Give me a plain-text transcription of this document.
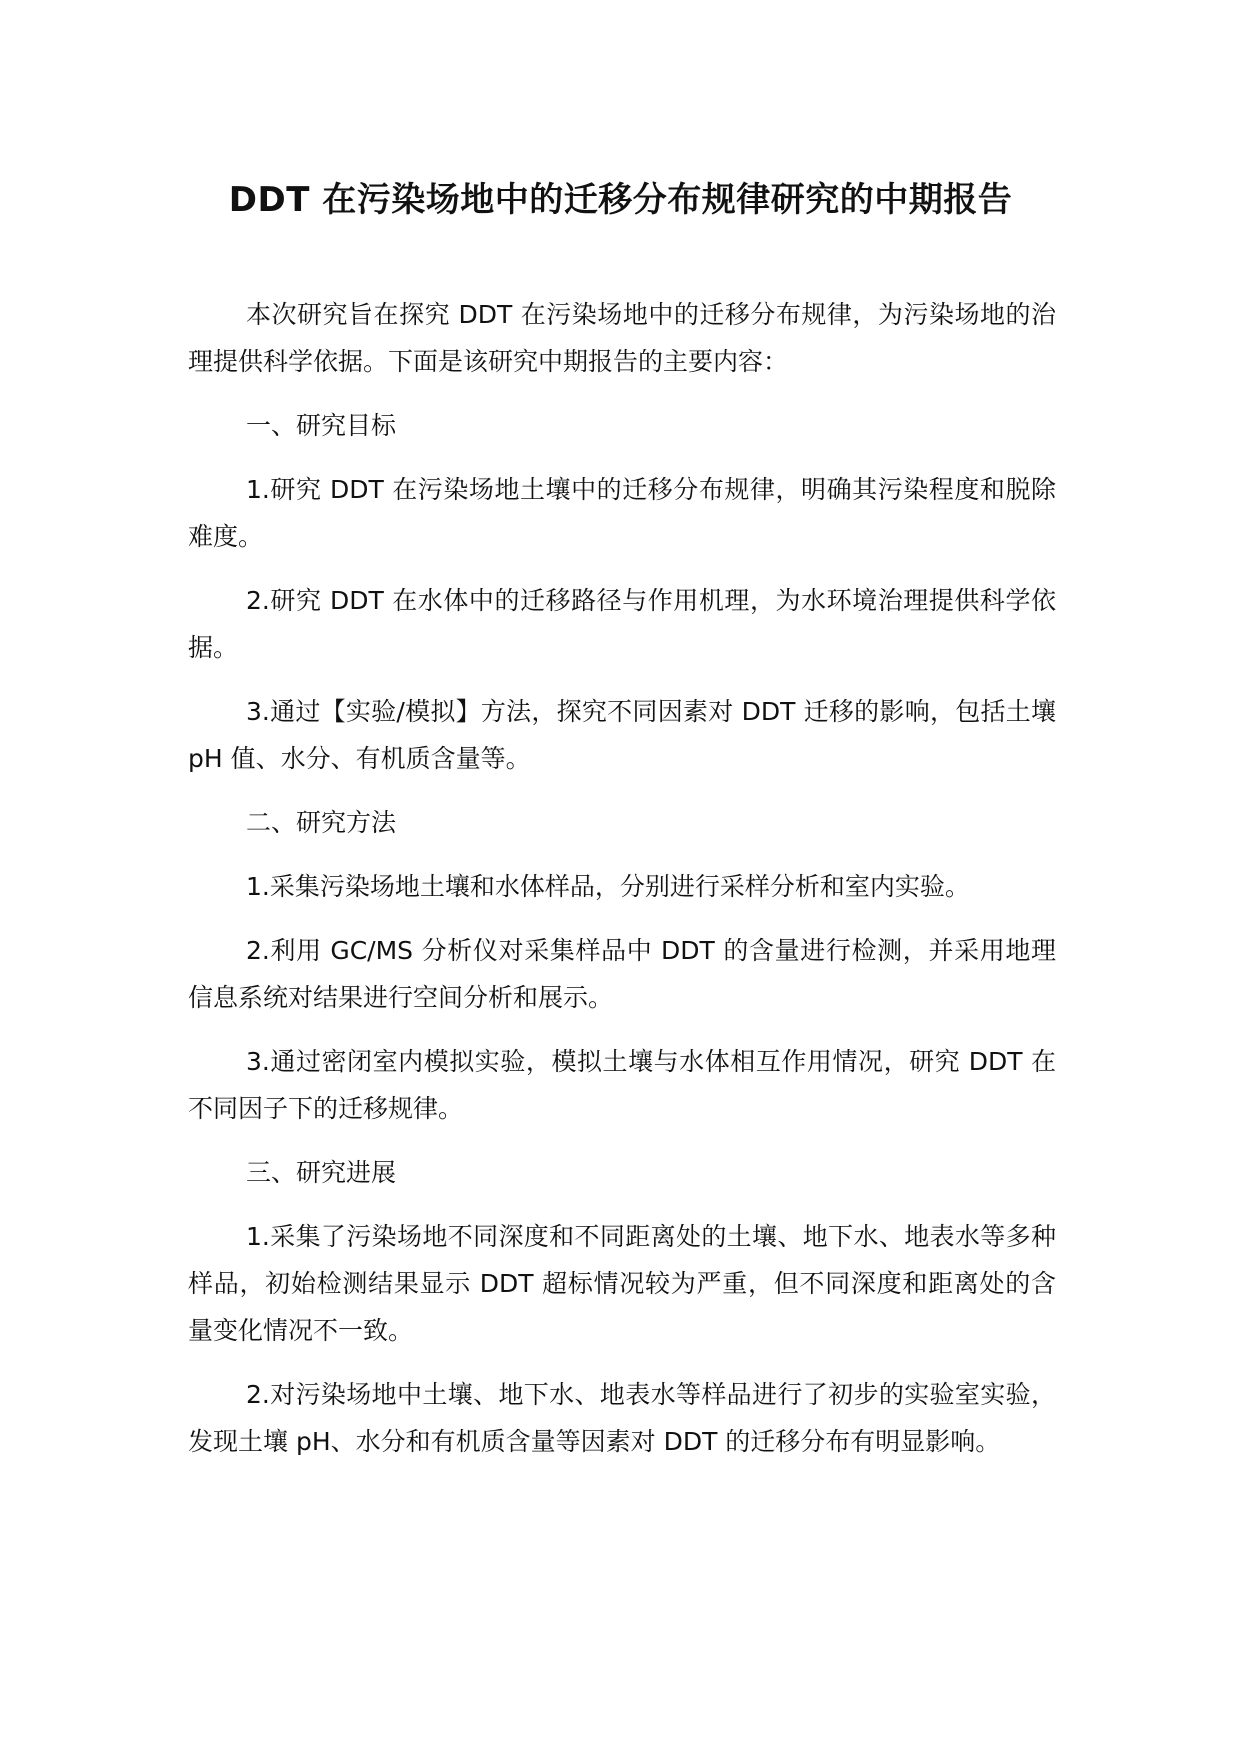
DDT 在污染场地中的迁移分布规律研究的中期报告

本次研究旨在探究 DDT 在污染场地中的迁移分布规律，为污染场地的治理提供科学依据。下面是该研究中期报告的主要内容：

一、研究目标

1.研究 DDT 在污染场地土壤中的迁移分布规律，明确其污染程度和脱除难度。

2.研究 DDT 在水体中的迁移路径与作用机理，为水环境治理提供科学依据。

3.通过【实验/模拟】方法，探究不同因素对 DDT 迁移的影响，包括土壤 pH 值、水分、有机质含量等。

二、研究方法

1.采集污染场地土壤和水体样品，分别进行采样分析和室内实验。

2.利用 GC/MS 分析仪对采集样品中 DDT 的含量进行检测，并采用地理信息系统对结果进行空间分析和展示。

3.通过密闭室内模拟实验，模拟土壤与水体相互作用情况，研究 DDT 在不同因子下的迁移规律。

三、研究进展

1.采集了污染场地不同深度和不同距离处的土壤、地下水、地表水等多种样品，初始检测结果显示 DDT 超标情况较为严重，但不同深度和距离处的含量变化情况不一致。

2.对污染场地中土壤、地下水、地表水等样品进行了初步的实验室实验，发现土壤 pH、水分和有机质含量等因素对 DDT 的迁移分布有明显影响。
